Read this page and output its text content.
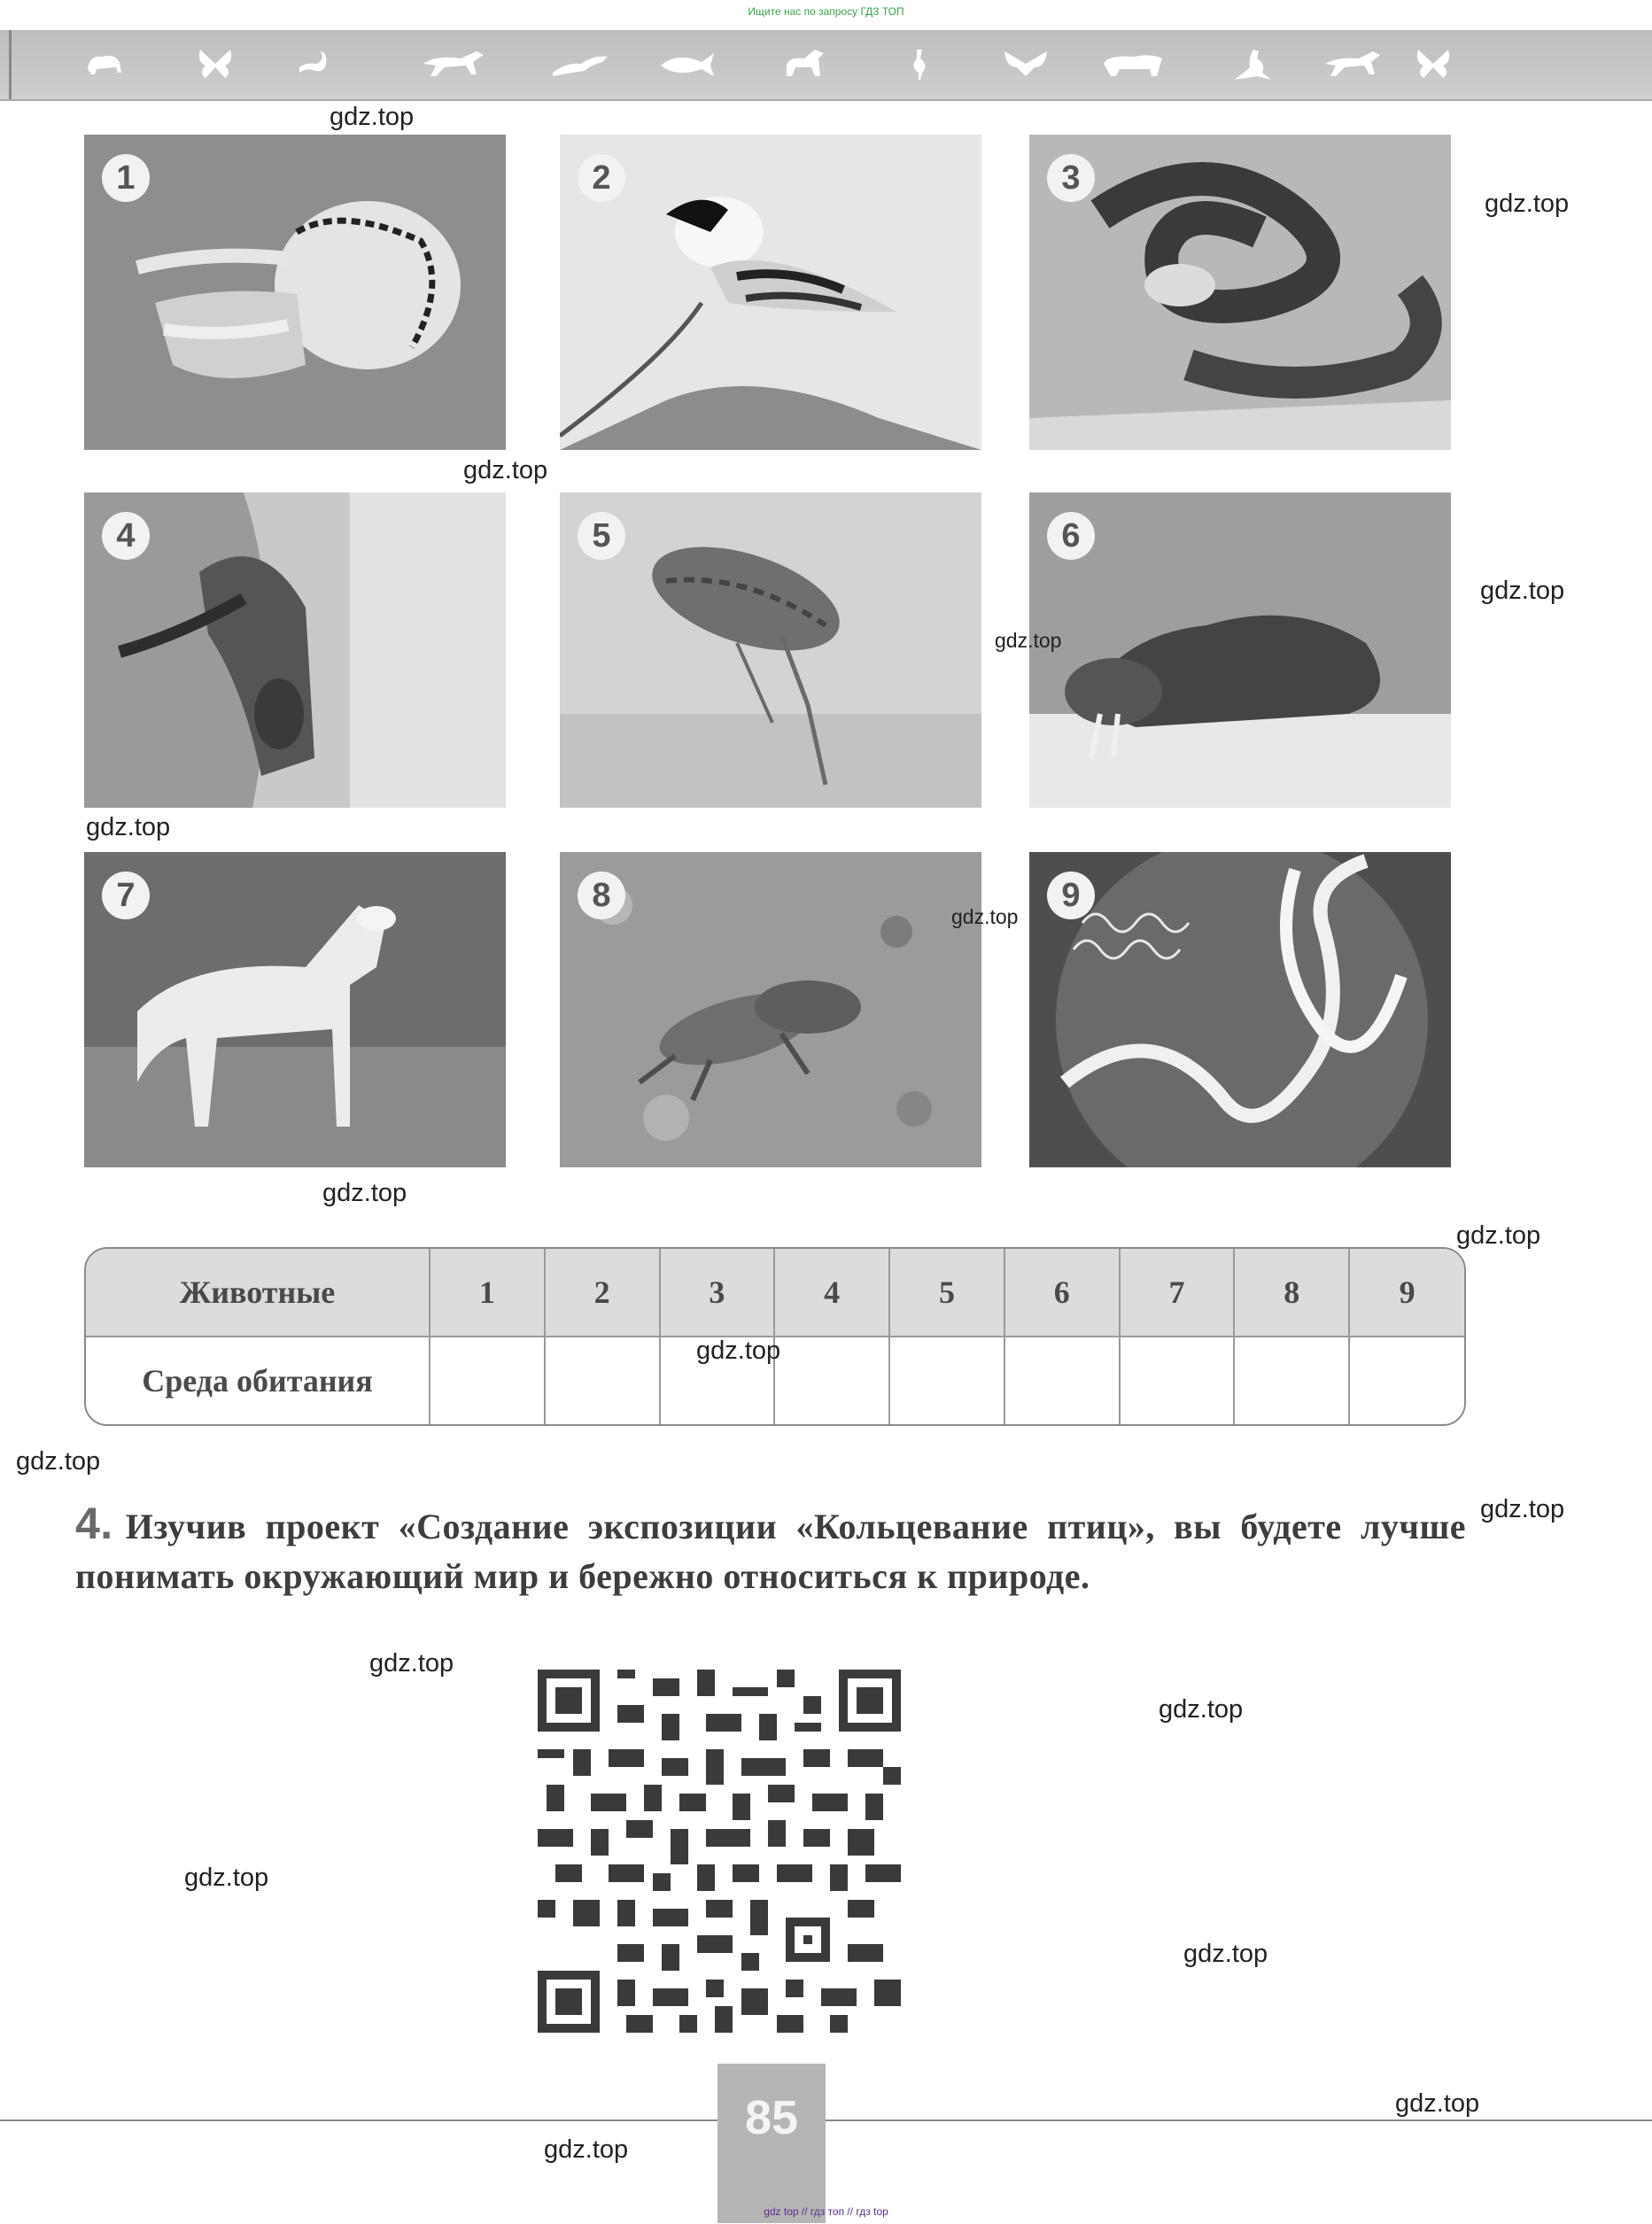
Ищите нас по запросу ГДЗ ТОП
1	2	3
4	5	6
7	8	9
Животные	1	2	3	4	5	6	7	8	9
Среда обитания									
4. Изучив проект «Создание экспозиции «Кольцевание птиц», вы будете лучше понимать окружающий мир и бережно относиться к природе.
85
gdz top // гдз топ // гдз top
gdz.top
gdz.top
gdz.top
gdz.top
gdz.top
gdz.top
gdz.top
gdz.top
gdz.top
gdz.top
gdz.top
gdz.top
gdz.top
gdz.top
gdz.top
gdz.top
gdz.top
gdz.top
